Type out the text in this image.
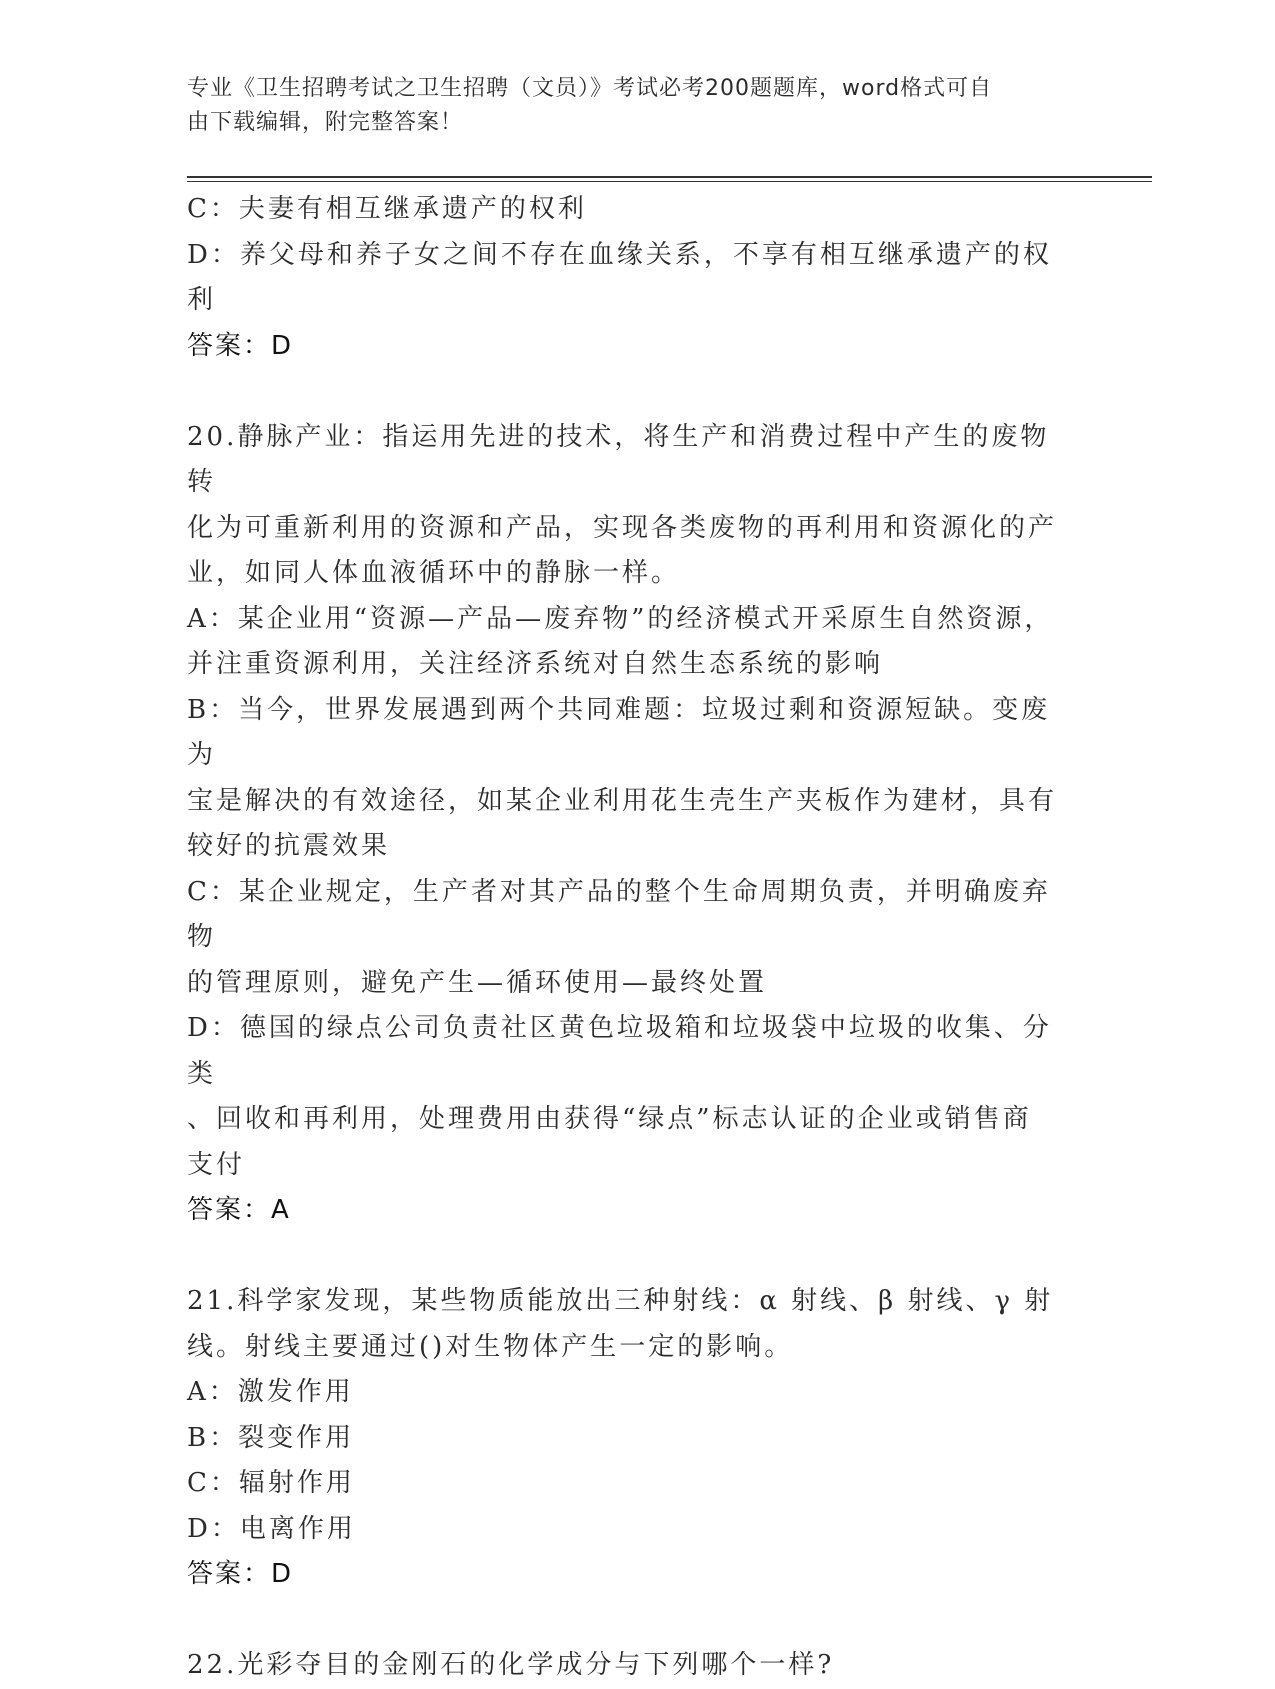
专业《卫生招聘考试之卫生招聘（文员）》考试必考200题题库，word格式可自
由下载编辑，附完整答案！
C：夫妻有相互继承遗产的权利
D：养父母和养子女之间不存在血缘关系，不享有相互继承遗产的权利
答案：D
20.静脉产业：指运用先进的技术，将生产和消费过程中产生的废物转
化为可重新利用的资源和产品，实现各类废物的再利用和资源化的产
业，如同人体血液循环中的静脉一样。
A：某企业用“资源—产品—废弃物”的经济模式开采原生自然资源，
并注重资源利用，关注经济系统对自然生态系统的影响
B：当今，世界发展遇到两个共同难题：垃圾过剩和资源短缺。变废为
宝是解决的有效途径，如某企业利用花生壳生产夹板作为建材，具有
较好的抗震效果
C：某企业规定，生产者对其产品的整个生命周期负责，并明确废弃物
的管理原则，避免产生—循环使用—最终处置
D：德国的绿点公司负责社区黄色垃圾箱和垃圾袋中垃圾的收集、分类
、回收和再利用，处理费用由获得“绿点”标志认证的企业或销售商
支付
答案：A
21.科学家发现，某些物质能放出三种射线：α 射线、β 射线、γ 射
线。射线主要通过()对生物体产生一定的影响。
A：激发作用
B：裂变作用
C：辐射作用
D：电离作用
答案：D
22.光彩夺目的金刚石的化学成分与下列哪个一样?
